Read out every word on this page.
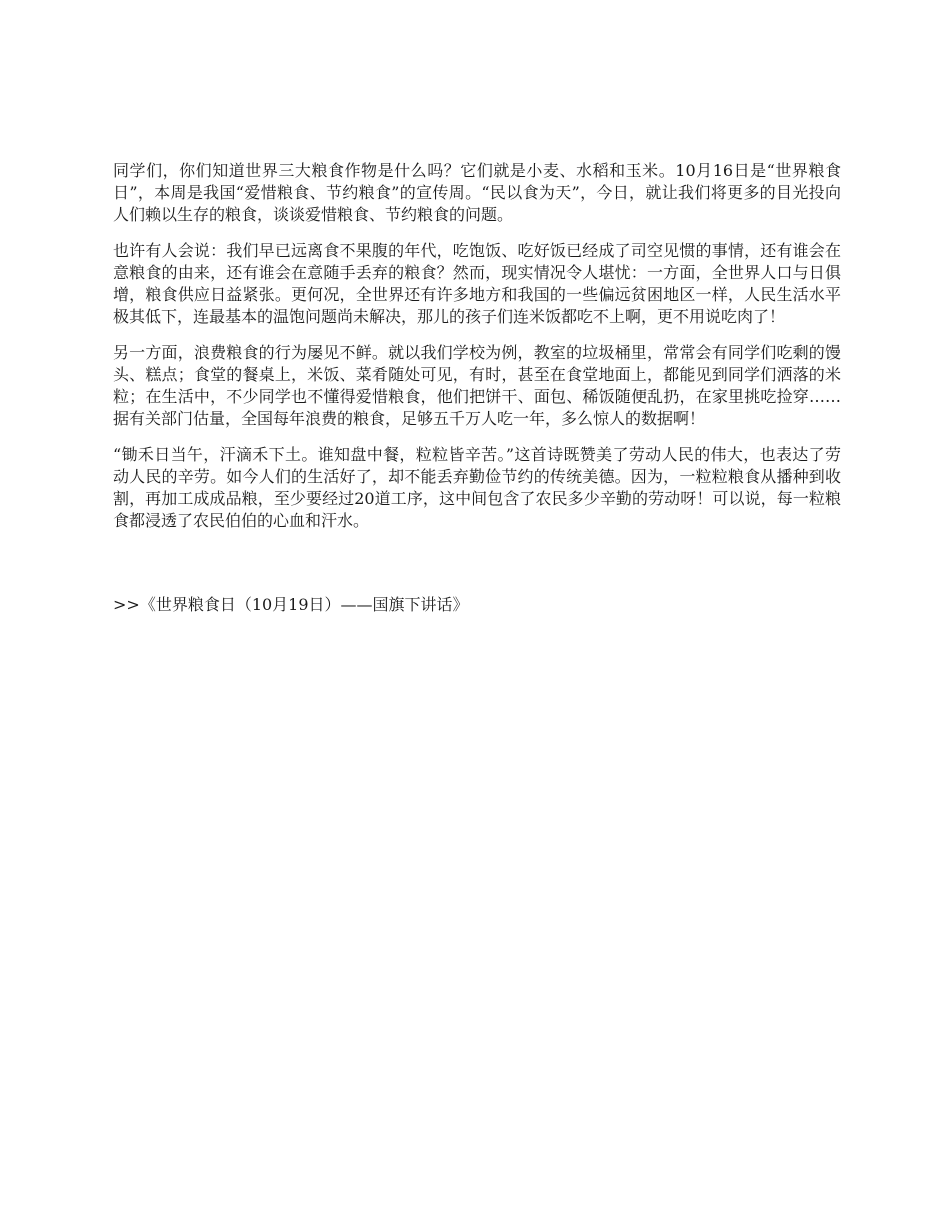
同学们，你们知道世界三大粮食作物是什么吗？它们就是小麦、水稻和玉米。10月16日是“世界粮食日”，本周是我国“爱惜粮食、节约粮食”的宣传周。“民以食为天”，今日，就让我们将更多的目光投向人们赖以生存的粮食，谈谈爱惜粮食、节约粮食的问题。

也许有人会说：我们早已远离食不果腹的年代，吃饱饭、吃好饭已经成了司空见惯的事情，还有谁会在意粮食的由来，还有谁会在意随手丢弃的粮食？然而，现实情况令人堪忧：一方面，全世界人口与日俱增，粮食供应日益紧张。更何况，全世界还有许多地方和我国的一些偏远贫困地区一样，人民生活水平极其低下，连最基本的温饱问题尚未解决，那儿的孩子们连米饭都吃不上啊，更不用说吃肉了！

另一方面，浪费粮食的行为屡见不鲜。就以我们学校为例，教室的垃圾桶里，常常会有同学们吃剩的馒头、糕点；食堂的餐桌上，米饭、菜肴随处可见，有时，甚至在食堂地面上，都能见到同学们洒落的米粒；在生活中，不少同学也不懂得爱惜粮食，他们把饼干、面包、稀饭随便乱扔，在家里挑吃捡穿……据有关部门估量，全国每年浪费的粮食，足够五千万人吃一年，多么惊人的数据啊！

“锄禾日当午，汗滴禾下土。谁知盘中餐，粒粒皆辛苦。”这首诗既赞美了劳动人民的伟大，也表达了劳动人民的辛劳。如今人们的生活好了，却不能丢弃勤俭节约的传统美德。因为，一粒粒粮食从播种到收割，再加工成成品粮，至少要经过20道工序，这中间包含了农民多少辛勤的劳动呀！可以说，每一粒粮食都浸透了农民伯伯的心血和汗水。

>>《世界粮食日（10月19日）——国旗下讲话》
